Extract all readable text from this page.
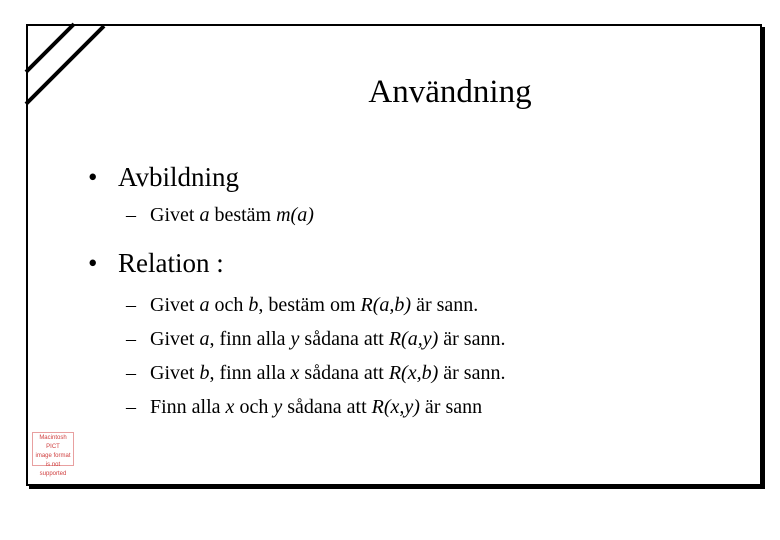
Användning
• Avbildning
– Givet a bestäm m(a)
• Relation :
– Givet a och b, bestäm om R(a,b) är sann.
– Givet a, finn alla y sådana att R(a,y) är sann.
– Givet b, finn alla x sådana att R(x,b) är sann.
– Finn alla x och y sådana att R(x,y) är sann
Macintosh PICT
image format
is not supported
